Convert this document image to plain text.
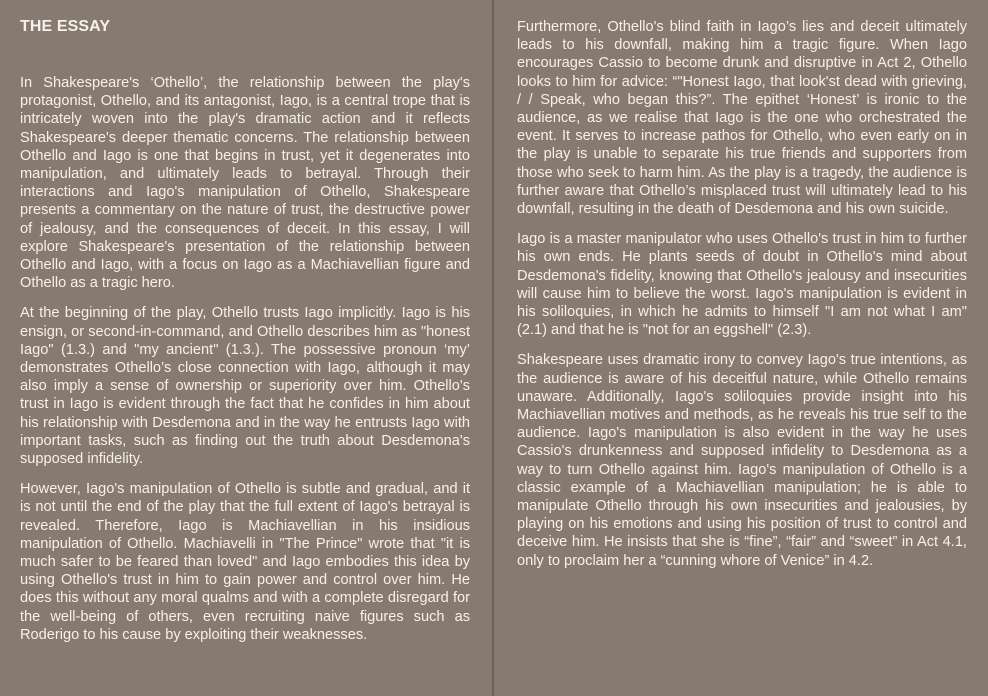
THE ESSAY

In Shakespeare's ‘Othello’, the relationship between the play's protagonist, Othello, and its antagonist, Iago, is a central trope that is intricately woven into the play's dramatic action and it reflects Shakespeare's deeper thematic concerns. The relationship between Othello and Iago is one that begins in trust, yet it degenerates into manipulation, and ultimately leads to betrayal. Through their interactions and Iago's manipulation of Othello, Shakespeare presents a commentary on the nature of trust, the destructive power of jealousy, and the consequences of deceit. In this essay, I will explore Shakespeare's presentation of the relationship between Othello and Iago, with a focus on Iago as a Machiavellian figure and Othello as a tragic hero.

At the beginning of the play, Othello trusts Iago implicitly. Iago is his ensign, or second-in-command, and Othello describes him as "honest Iago" (1.3.) and "my ancient" (1.3.). The possessive pronoun ‘my’ demonstrates Othello’s close connection with Iago, although it may also imply a sense of ownership or superiority over him. Othello's trust in Iago is evident through the fact that he confides in him about his relationship with Desdemona and in the way he entrusts Iago with important tasks, such as finding out the truth about Desdemona's supposed infidelity.

However, Iago's manipulation of Othello is subtle and gradual, and it is not until the end of the play that the full extent of Iago's betrayal is revealed. Therefore, Iago is Machiavellian in his insidious manipulation of Othello. Machiavelli in "The Prince" wrote that "it is much safer to be feared than loved" and Iago embodies this idea by using Othello's trust in him to gain power and control over him. He does this without any moral qualms and with a complete disregard for the well-being of others, even recruiting naive figures such as Roderigo to his cause by exploiting their weaknesses.

Furthermore, Othello's blind faith in Iago’s lies and deceit ultimately leads to his downfall, making him a tragic figure. When Iago encourages Cassio to become drunk and disruptive in Act 2, Othello looks to him for advice: “"Honest Iago, that look'st dead with grieving, / / Speak, who began this?”. The epithet ‘Honest’ is ironic to the audience, as we realise that Iago is the one who orchestrated the event. It serves to increase pathos for Othello, who even early on in the play is unable to separate his true friends and supporters from those who seek to harm him. As the play is a tragedy, the audience is further aware that Othello’s misplaced trust will ultimately lead to his downfall, resulting in the death of Desdemona and his own suicide.

Iago is a master manipulator who uses Othello's trust in him to further his own ends. He plants seeds of doubt in Othello's mind about Desdemona's fidelity, knowing that Othello's jealousy and insecurities will cause him to believe the worst. Iago's manipulation is evident in his soliloquies, in which he admits to himself "I am not what I am" (2.1) and that he is "not for an eggshell" (2.3).

Shakespeare uses dramatic irony to convey Iago's true intentions, as the audience is aware of his deceitful nature, while Othello remains unaware. Additionally, Iago's soliloquies provide insight into his Machiavellian motives and methods, as he reveals his true self to the audience. Iago's manipulation is also evident in the way he uses Cassio's drunkenness and supposed infidelity to Desdemona as a way to turn Othello against him. Iago's manipulation of Othello is a classic example of a Machiavellian manipulation; he is able to manipulate Othello through his own insecurities and jealousies, by playing on his emotions and using his position of trust to control and deceive him. He insists that she is “fine”, “fair” and “sweet” in Act 4.1, only to proclaim her a “cunning whore of Venice” in 4.2.
